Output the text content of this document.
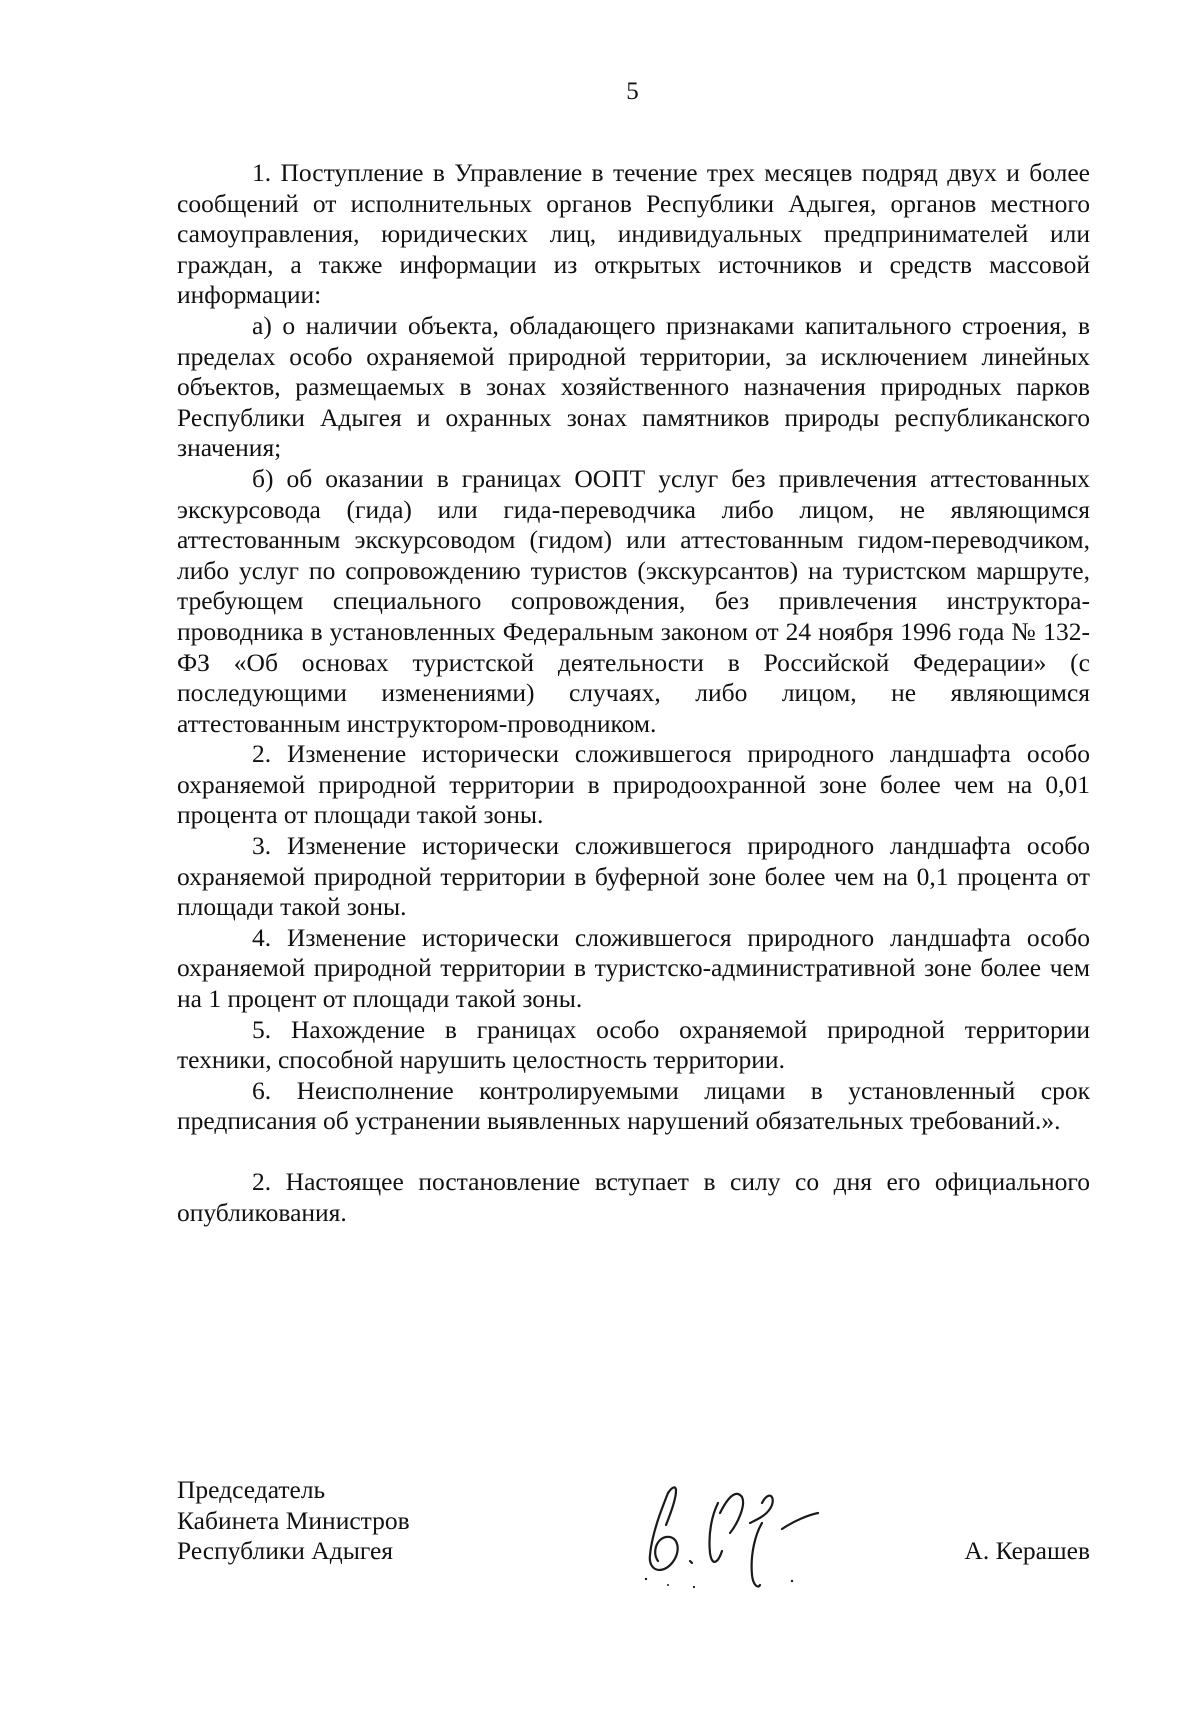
5

1. Поступление в Управление в течение трех месяцев подряд двух и более сообщений от исполнительных органов Республики Адыгея, органов местного самоуправления, юридических лиц, индивидуальных предпринимателей или граждан, а также информации из открытых источников и средств массовой информации:

а) о наличии объекта, обладающего признаками капитального строения, в пределах особо охраняемой природной территории, за исключением линейных объектов, размещаемых в зонах хозяйственного назначения природных парков Республики Адыгея и охранных зонах памятников природы республиканского значения;

б) об оказании в границах ООПТ услуг без привлечения аттестованных экскурсовода (гида) или гида-переводчика либо лицом, не являющимся аттестованным экскурсоводом (гидом) или аттестованным гидом-переводчиком, либо услуг по сопровождению туристов (экскурсантов) на туристском маршруте, требующем специального сопровождения, без привлечения инструктора-проводника в установленных Федеральным законом от 24 ноября 1996 года № 132-ФЗ «Об основах туристской деятельности в Российской Федерации» (с последующими изменениями) случаях, либо лицом, не являющимся аттестованным инструктором-проводником.

2. Изменение исторически сложившегося природного ландшафта особо охраняемой природной территории в природоохранной зоне более чем на 0,01 процента от площади такой зоны.

3. Изменение исторически сложившегося природного ландшафта особо охраняемой природной территории в буферной зоне более чем на 0,1 процента от площади такой зоны.

4. Изменение исторически сложившегося природного ландшафта особо охраняемой природной территории в туристско-административной зоне более чем на 1 процент от площади такой зоны.

5. Нахождение в границах особо охраняемой природной территории техники, способной нарушить целостность территории.

6. Неисполнение контролируемыми лицами в установленный срок предписания об устранении выявленных нарушений обязательных требований.».

2. Настоящее постановление вступает в силу со дня его официального опубликования.

Председатель
Кабинета Министров
Республики Адыгея	А. Керашев
